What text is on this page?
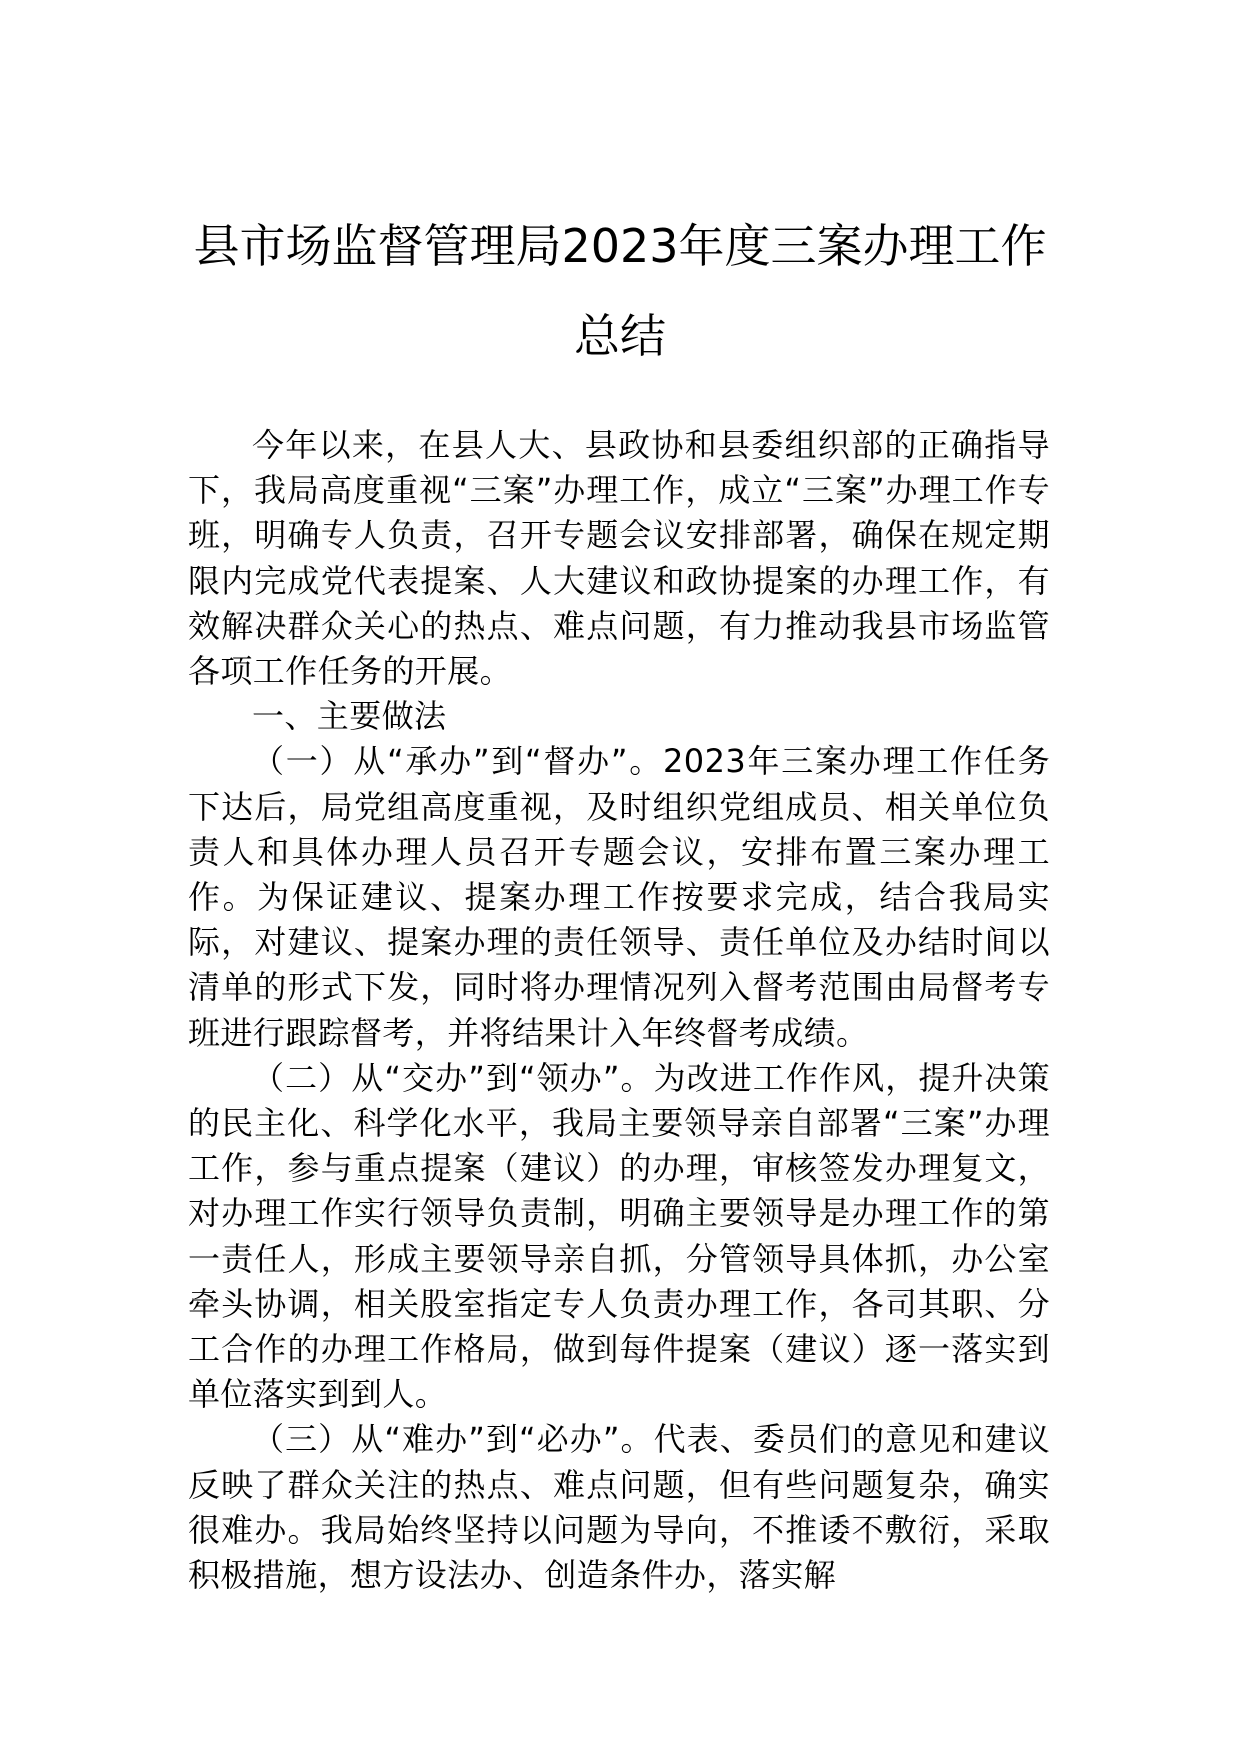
县市场监督管理局2023年度三案办理工作
总结

今年以来，在县人大、县政协和县委组织部的正确指导下，我局高度重视“三案”办理工作，成立“三案”办理工作专班，明确专人负责，召开专题会议安排部署，确保在规定期限内完成党代表提案、人大建议和政协提案的办理工作，有效解决群众关心的热点、难点问题，有力推动我县市场监管各项工作任务的开展。

一、主要做法

（一）从“承办”到“督办”。2023年三案办理工作任务下达后，局党组高度重视，及时组织党组成员、相关单位负责人和具体办理人员召开专题会议，安排布置三案办理工作。为保证建议、提案办理工作按要求完成，结合我局实际，对建议、提案办理的责任领导、责任单位及办结时间以清单的形式下发，同时将办理情况列入督考范围由局督考专班进行跟踪督考，并将结果计入年终督考成绩。

（二）从“交办”到“领办”。为改进工作作风，提升决策的民主化、科学化水平，我局主要领导亲自部署“三案”办理工作，参与重点提案（建议）的办理，审核签发办理复文，对办理工作实行领导负责制，明确主要领导是办理工作的第一责任人，形成主要领导亲自抓，分管领导具体抓，办公室牵头协调，相关股室指定专人负责办理工作，各司其职、分工合作的办理工作格局，做到每件提案（建议）逐一落实到单位落实到到人。

（三）从“难办”到“必办”。代表、委员们的意见和建议反映了群众关注的热点、难点问题，但有些问题复杂，确实很难办。我局始终坚持以问题为导向，不推诿不敷衍，采取积极措施，想方设法办、创造条件办，落实解
